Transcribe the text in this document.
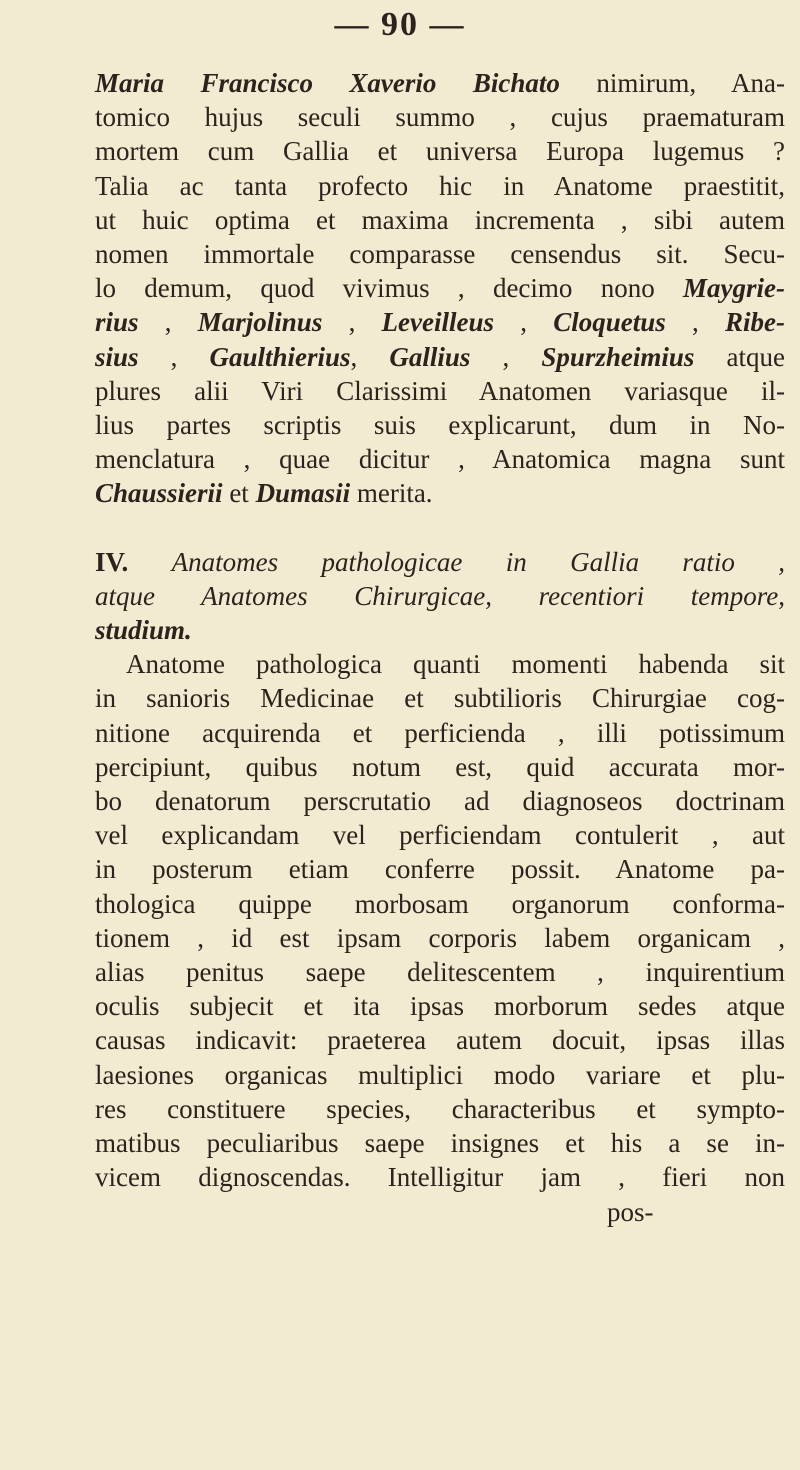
— 90 —
Maria Francisco Xaverio Bichato nimirum, Ana-
tomico hujus seculi summo , cujus praematuram
mortem cum Gallia et universa Europa lugemus ?
Talia ac tanta profecto hic in Anatome praestitit,
ut huic optima et maxima incrementa , sibi autem
nomen immortale comparasse censendus sit. Secu-
lo demum, quod vivimus , decimo nono Maygrie-
rius , Marjolinus , Leveilleus , Cloquetus , Ribe-
sius , Gaulthierius, Gallius , Spurzheimius atque
plures alii Viri Clarissimi Anatomen variasque il-
lius partes scriptis suis explicarunt, dum in No-
menclatura , quae dicitur , Anatomica magna sunt
Chaussierii et Dumasii merita.
IV. Anatomes pathologicae in Gallia ratio ,
atque Anatomes Chirurgicae, recentiori tempore,
studium.
Anatome pathologica quanti momenti habenda sit
in sanioris Medicinae et subtilioris Chirurgiae cog-
nitione acquirenda et perficienda , illi potissimum
percipiunt, quibus notum est, quid accurata mor-
bo denatorum perscrutatio ad diagnoseos doctrinam
vel explicandam vel perficiendam contulerit , aut
in posterum etiam conferre possit. Anatome pa-
thologica quippe morbosam organorum conforma-
tionem , id est ipsam corporis labem organicam ,
alias penitus saepe delitescentem , inquirentium
oculis subjecit et ita ipsas morborum sedes atque
causas indicavit: praeterea autem docuit, ipsas illas
laesiones organicas multiplici modo variare et plu-
res constituere species, characteribus et sympto-
matibus peculiaribus saepe insignes et his a se in-
vicem dignoscendas. Intelligitur jam , fieri non
pos-
